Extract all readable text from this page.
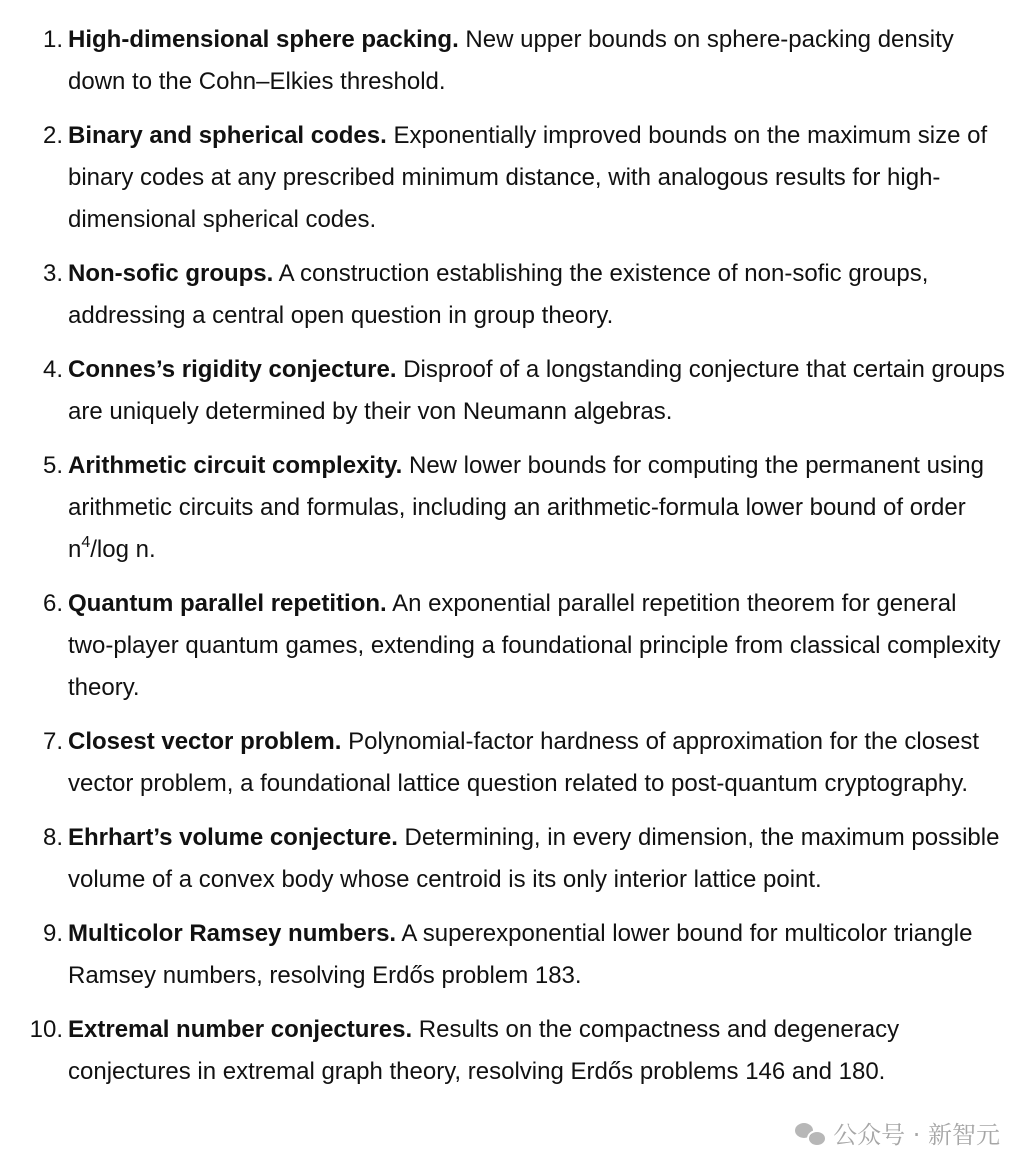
1. High-dimensional sphere packing. New upper bounds on sphere-packing density down to the Cohn–Elkies threshold.
2. Binary and spherical codes. Exponentially improved bounds on the maximum size of binary codes at any prescribed minimum distance, with analogous results for high-dimensional spherical codes.
3. Non-sofic groups. A construction establishing the existence of non-sofic groups, addressing a central open question in group theory.
4. Connes’s rigidity conjecture. Disproof of a longstanding conjecture that certain groups are uniquely determined by their von Neumann algebras.
5. Arithmetic circuit complexity. New lower bounds for computing the permanent using arithmetic circuits and formulas, including an arithmetic-formula lower bound of order $n^4/\log$ n.
6. Quantum parallel repetition. An exponential parallel repetition theorem for general two-player quantum games, extending a foundational principle from classical complexity theory.
7. Closest vector problem. Polynomial-factor hardness of approximation for the closest vector problem, a foundational lattice question related to post-quantum cryptography.
8. Ehrhart’s volume conjecture. Determining, in every dimension, the maximum possible volume of a convex body whose centroid is its only interior lattice point.
9. Multicolor Ramsey numbers. A superexponential lower bound for multicolor triangle Ramsey numbers, resolving Erdős problem 183.
10. Extremal number conjectures. Results on the compactness and degeneracy conjectures in extremal graph theory, resolving Erdős problems 146 and 180.
公众号 · 新智元
